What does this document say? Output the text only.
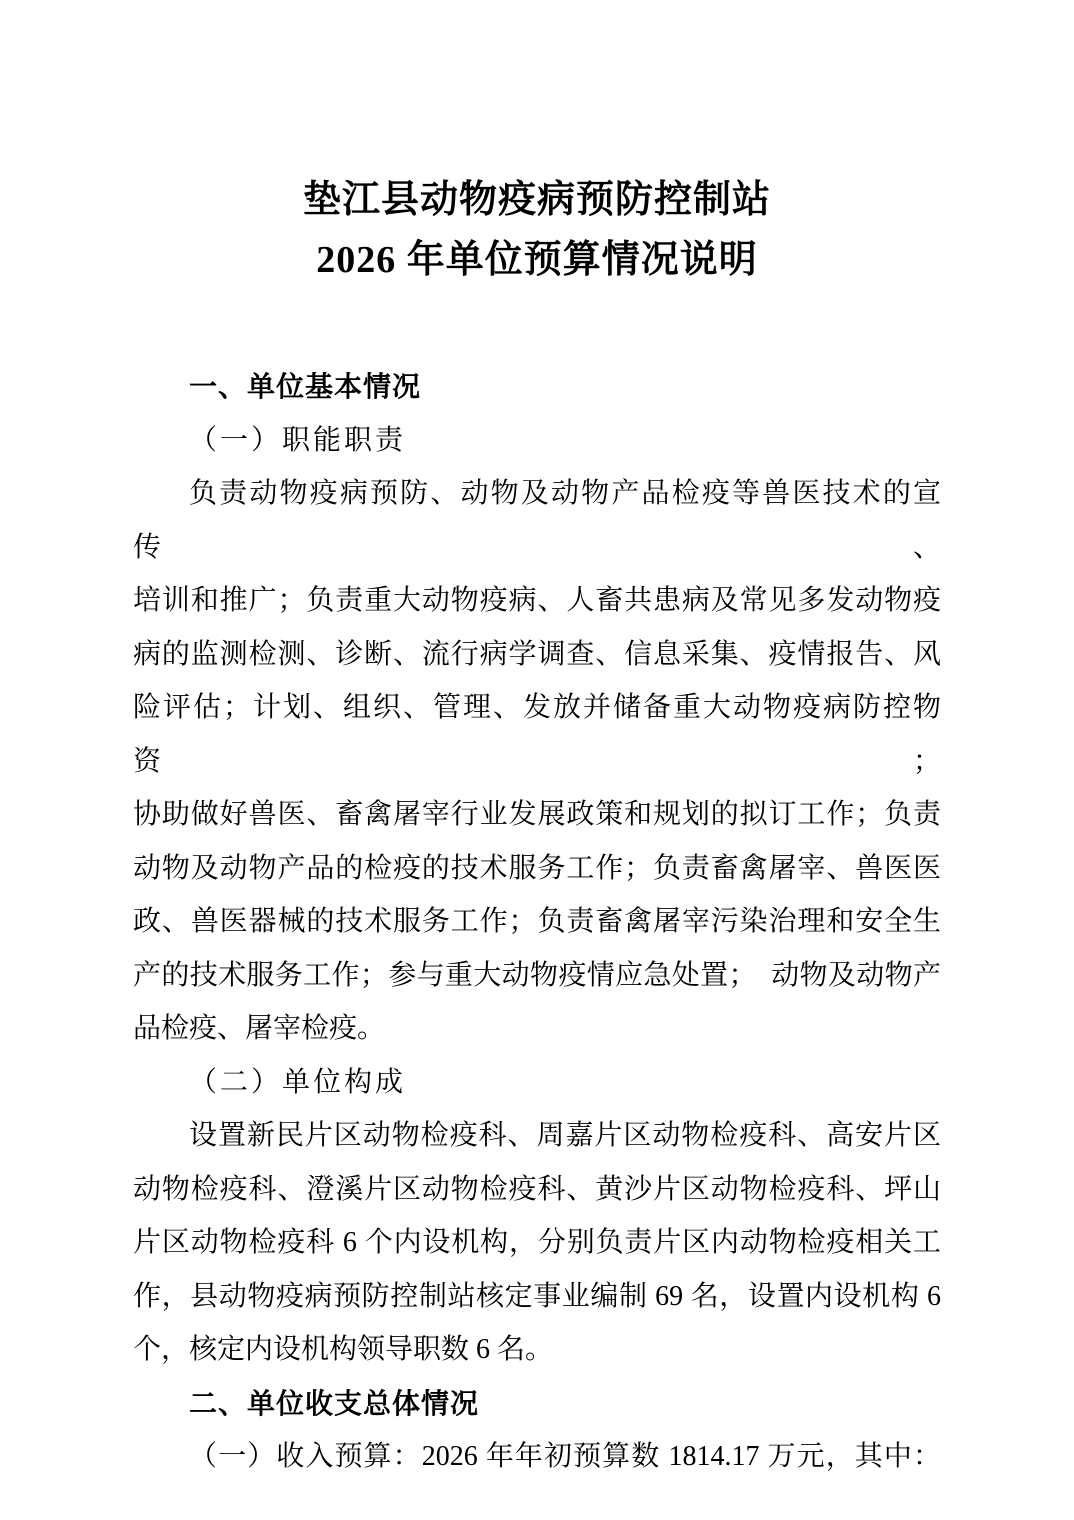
垫江县动物疫病预防控制站
2026 年单位预算情况说明
一、单位基本情况
（一）职能职责
负责动物疫病预防、动物及动物产品检疫等兽医技术的宣传、
培训和推广；负责重大动物疫病、人畜共患病及常见多发动物疫
病的监测检测、诊断、流行病学调查、信息采集、疫情报告、风
险评估；计划、组织、管理、发放并储备重大动物疫病防控物资；
协助做好兽医、畜禽屠宰行业发展政策和规划的拟订工作；负责
动物及动物产品的检疫的技术服务工作；负责畜禽屠宰、兽医医
政、兽医器械的技术服务工作；负责畜禽屠宰污染治理和安全生
产的技术服务工作；参与重大动物疫情应急处置；　动物及动物产
品检疫、屠宰检疫。
（二）单位构成
设置新民片区动物检疫科、周嘉片区动物检疫科、高安片区
动物检疫科、澄溪片区动物检疫科、黄沙片区动物检疫科、坪山
片区动物检疫科 6 个内设机构，分别负责片区内动物检疫相关工
作，县动物疫病预防控制站核定事业编制 69 名，设置内设机构 6
个，核定内设机构领导职数 6 名。
二、单位收支总体情况
（一）收入预算：2026 年年初预算数 1814.17 万元，其中：
